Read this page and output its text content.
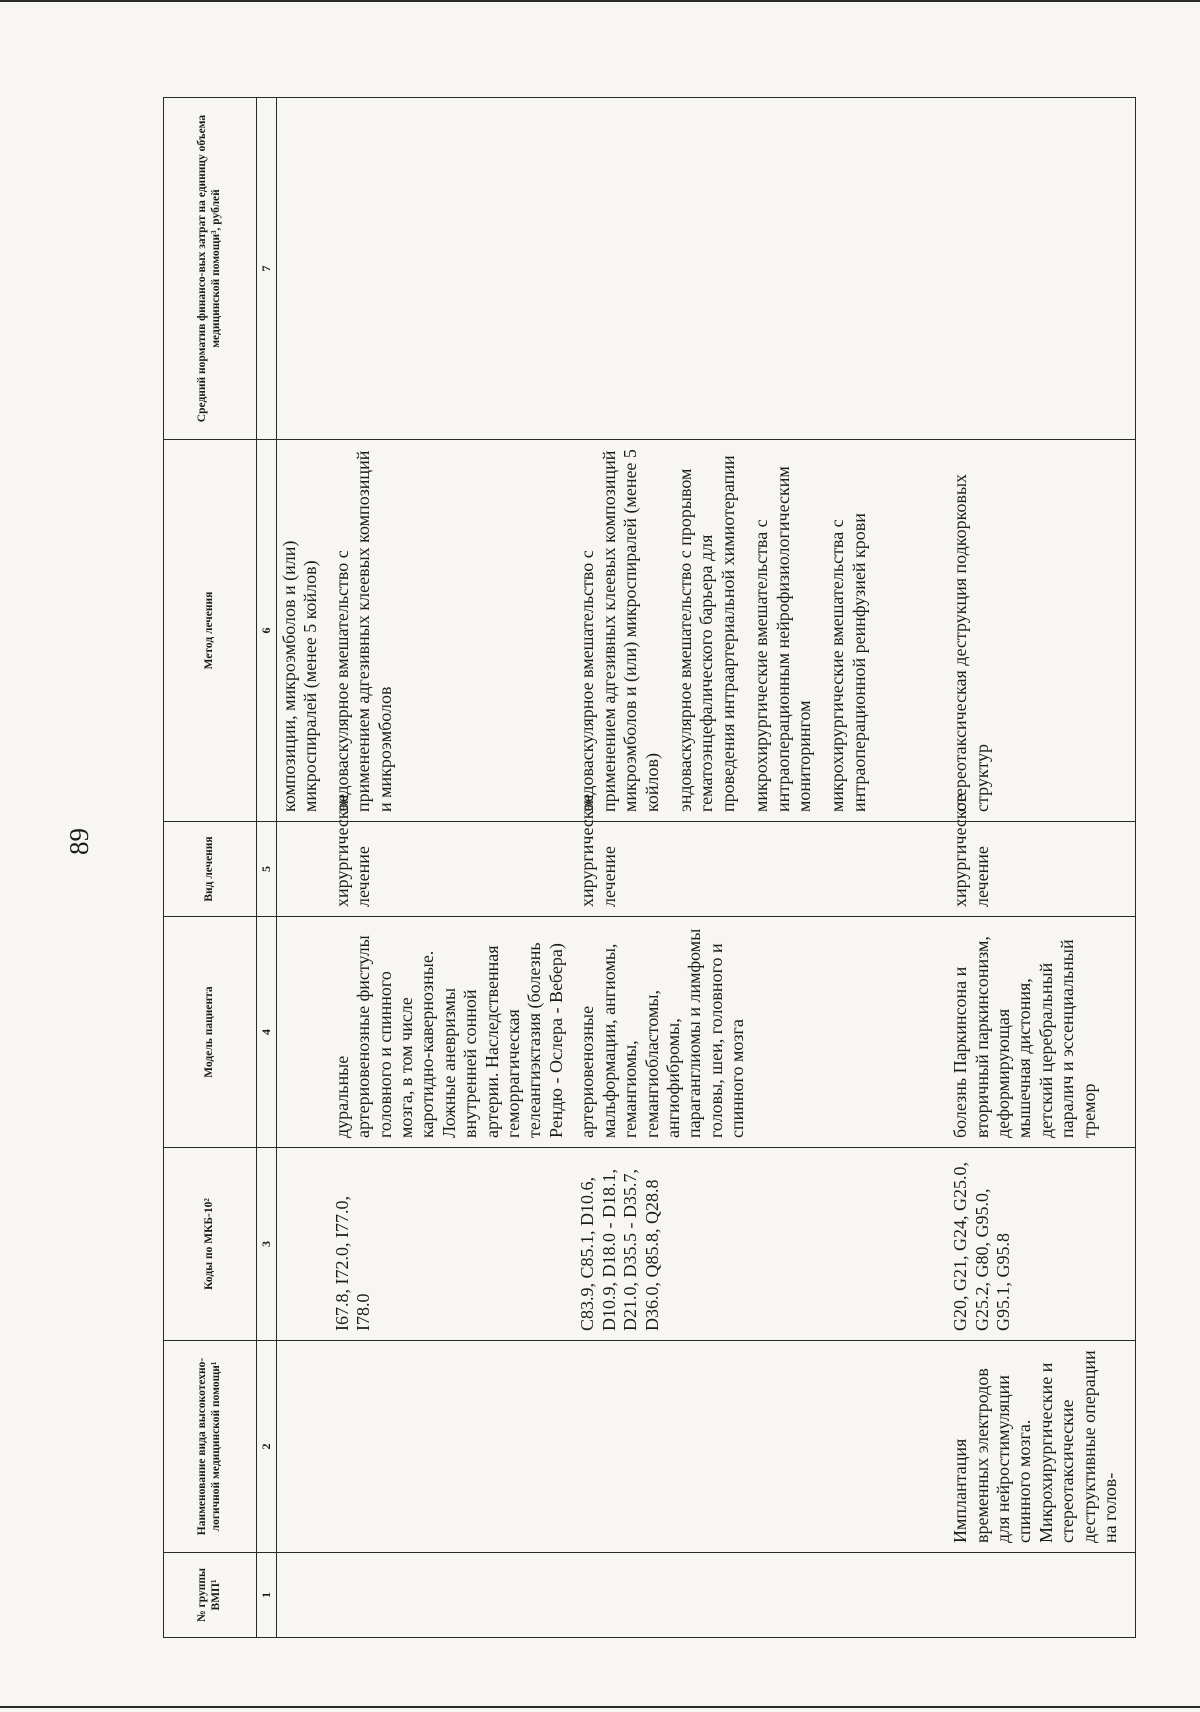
89
№ группы ВМП¹	Наименование вида высокотехно-логичной медицинской помощи¹	Коды по МКБ-10²	Модель пациента	Вид лечения	Метод лечения	Средний норматив финансо-вых затрат на единицу объема медицинской помощи³, рублей
1	2	3	4	5	6	7

					композиции, микроэмболов и (или) микроспиралей (менее 5 койлов)	

		I67.8, I72.0, I77.0, I78.0	дуральные артериовенозные фистулы головного и спинного мозга, в том числе каротидно-кавернозные. Ложные аневризмы внутренней сонной артерии. Наследственная геморрагическая телеангиэктазия (болезнь Рендю - Ослера - Вебера)	хирургическое лечение	эндоваскулярное вмешательство с применением адгезивных клеевых композиций и микроэмболов	

		C83.9, C85.1, D10.6, D10.9, D18.0 - D18.1, D21.0, D35.5 - D35.7, D36.0, Q85.8, Q28.8	артериовенозные мальформации, ангиомы, гемангиомы, гемангиобластомы, ангиофибромы, параганглиомы и лимфомы головы, шеи, головного и спинного мозга	хирургическое лечение	эндоваскулярное вмешательство с применением адгезивных клеевых композиций микроэмболов и (или) микроспиралей (менее 5 койлов) эндоваскулярное вмешательство с прорывом гематоэнцефалического барьера для проведения интраартериальной химиотерапии микрохирургические вмешательства с интраоперационным нейрофизиологическим мониторингом микрохирургические вмешательства с интраоперационной реинфузией крови	

	Имплантация временных электродов для нейростимуляции спинного мозга. Микрохирургические и стереотаксические деструктивные операции на голов-	G20, G21, G24, G25.0, G25.2, G80, G95.0, G95.1, G95.8	болезнь Паркинсона и вторичный паркинсонизм, деформирующая мышечная дистония, детский церебральный паралич и эссенциальный тремор	хирургическое лечение	стереотаксическая деструкция подкорковых структур	
